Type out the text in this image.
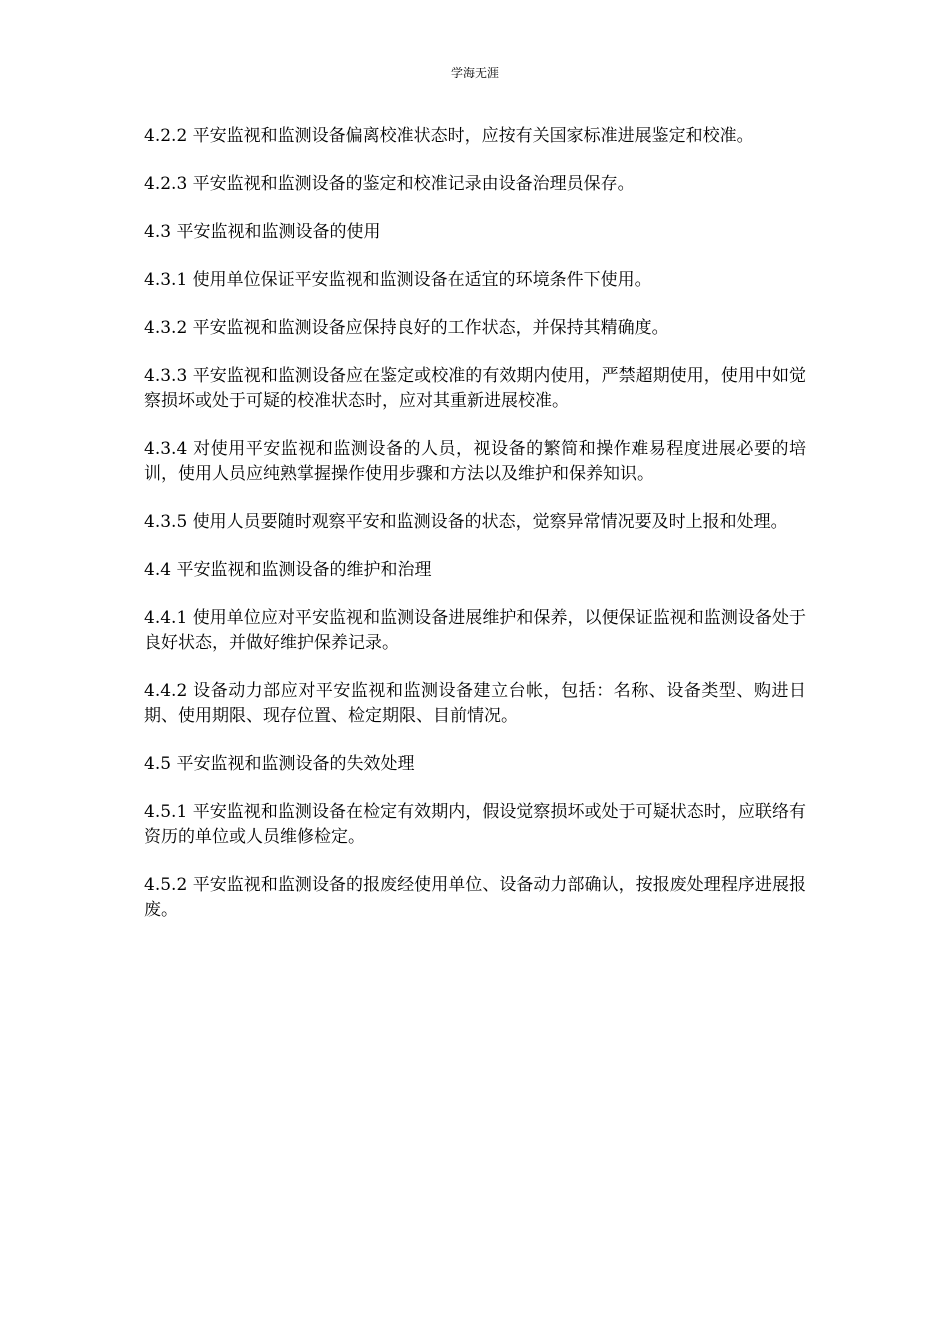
学海无涯

4.2.2 平安监视和监测设备偏离校准状态时，应按有关国家标准进展鉴定和校准。

4.2.3 平安监视和监测设备的鉴定和校准记录由设备治理员保存。

4.3 平安监视和监测设备的使用

4.3.1 使用单位保证平安监视和监测设备在适宜的环境条件下使用。

4.3.2 平安监视和监测设备应保持良好的工作状态，并保持其精确度。

4.3.3 平安监视和监测设备应在鉴定或校准的有效期内使用，严禁超期使用，使用中如觉察损坏或处于可疑的校准状态时，应对其重新进展校准。

4.3.4 对使用平安监视和监测设备的人员，视设备的繁简和操作难易程度进展必要的培训，使用人员应纯熟掌握操作使用步骤和方法以及维护和保养知识。

4.3.5 使用人员要随时观察平安和监测设备的状态，觉察异常情况要及时上报和处理。

4.4 平安监视和监测设备的维护和治理

4.4.1 使用单位应对平安监视和监测设备进展维护和保养，以便保证监视和监测设备处于良好状态，并做好维护保养记录。

4.4.2 设备动力部应对平安监视和监测设备建立台帐，包括：名称、设备类型、购进日期、使用期限、现存位置、检定期限、目前情况。

4.5 平安监视和监测设备的失效处理

4.5.1 平安监视和监测设备在检定有效期内，假设觉察损坏或处于可疑状态时，应联络有资历的单位或人员维修检定。

4.5.2 平安监视和监测设备的报废经使用单位、设备动力部确认，按报废处理程序进展报废。
